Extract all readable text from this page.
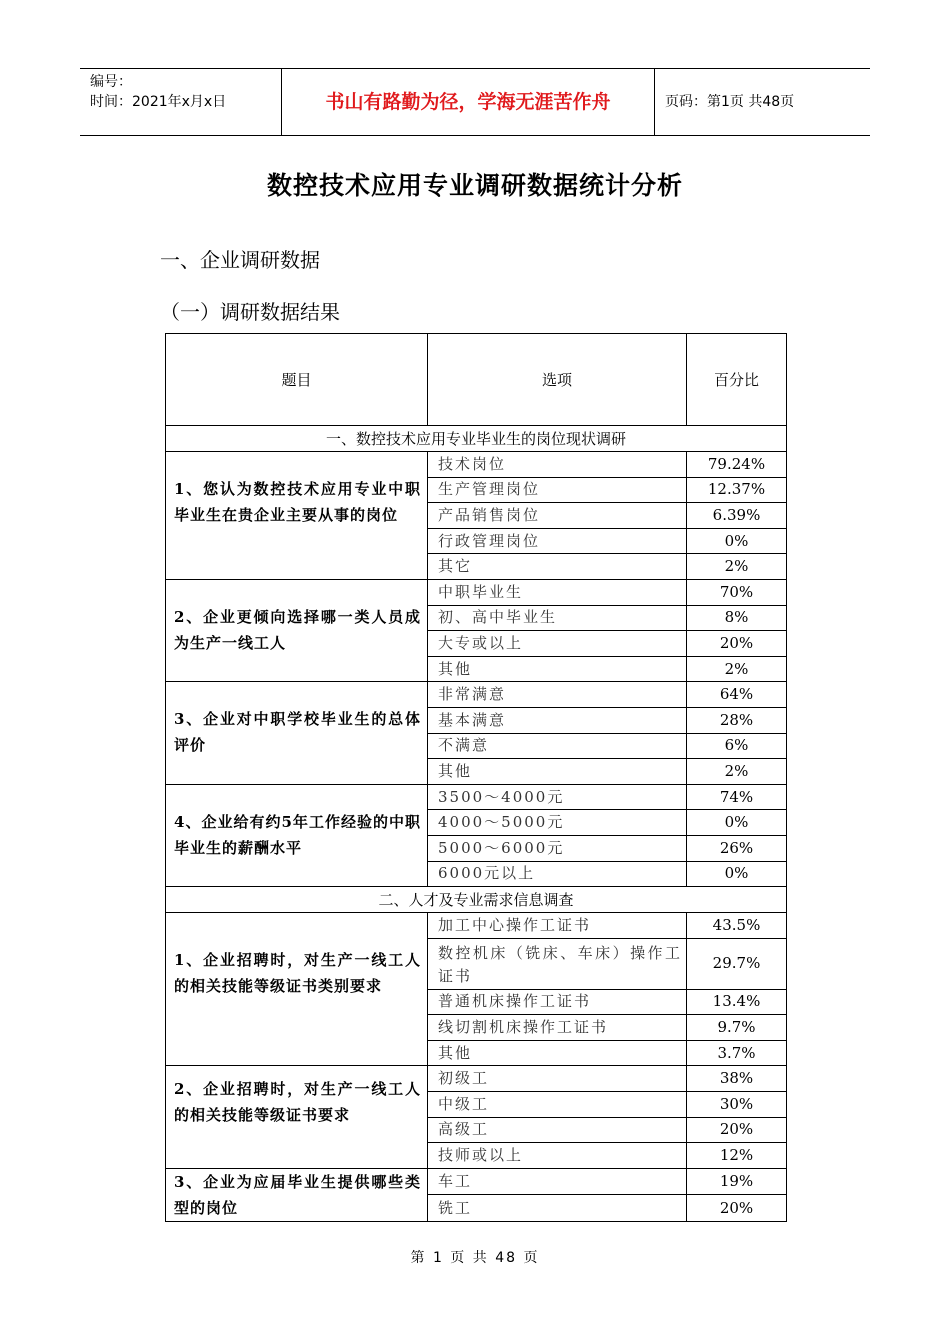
编号：
时间：2021年x月x日	书山有路勤为径，学海无涯苦作舟	页码：第1页 共48页
数控技术应用专业调研数据统计分析
一、企业调研数据
（一）调研数据结果
题目	选项	百分比
一、数控技术应用专业毕业生的岗位现状调研		
1、您认为数控技术应用专业中职毕业生在贵企业主要从事的岗位	技术岗位	79.24%
	生产管理岗位	12.37%
	产品销售岗位	6.39%
	行政管理岗位	0%
	其它	2%
2、企业更倾向选择哪一类人员成为生产一线工人	中职毕业生	70%
	初、高中毕业生	8%
	大专或以上	20%
	其他	2%
3、企业对中职学校毕业生的总体评价	非常满意	64%
	基本满意	28%
	不满意	6%
	其他	2%
4、企业给有约5年工作经验的中职毕业生的薪酬水平	3500～4000元	74%
	4000～5000元	0%
	5000～6000元	26%
	6000元以上	0%
二、人才及专业需求信息调查		
1、企业招聘时，对生产一线工人的相关技能等级证书类别要求	加工中心操作工证书	43.5%
	数控机床（铣床、车床）操作工证书	29.7%
	普通机床操作工证书	13.4%
	线切割机床操作工证书	9.7%
	其他	3.7%
2、企业招聘时，对生产一线工人的相关技能等级证书要求	初级工	38%
	中级工	30%
	高级工	20%
	技师或以上	12%
3、企业为应届毕业生提供哪些类型的岗位	车工	19%
	铣工	20%
第 1 页 共 48 页
